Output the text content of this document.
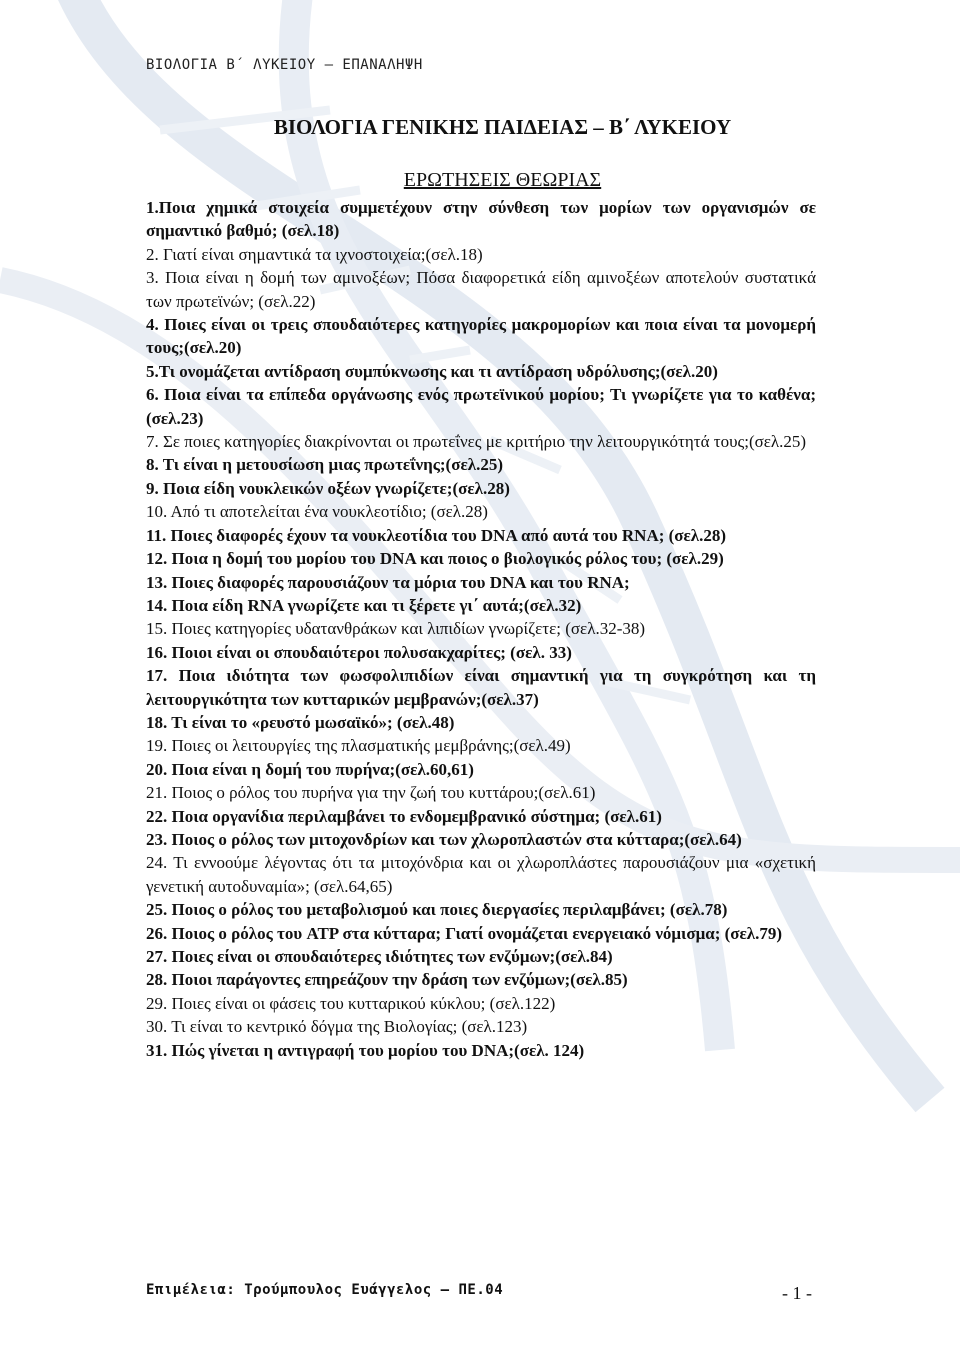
ΒΙΟΛΟΓΙΑ Β΄ ΛΥΚΕΙΟΥ – ΕΠΑΝΑΛΗΨΗ
ΒΙΟΛΟΓΙΑ ΓΕΝΙΚΗΣ ΠΑΙΔΕΙΑΣ – Β΄ ΛΥΚΕΙΟΥ
ΕΡΩΤΗΣΕΙΣ ΘΕΩΡΙΑΣ

1.Ποια χημικά στοιχεία συμμετέχουν στην σύνθεση των μορίων των οργανισμών σε σημαντικό βαθμό; (σελ.18)

2. Γιατί είναι σημαντικά τα ιχνοστοιχεία;(σελ.18)

3. Ποια είναι η δομή των αμινοξέων; Πόσα διαφορετικά είδη αμινοξέων αποτελούν συστατικά των πρωτεϊνών; (σελ.22)

4. Ποιες είναι οι τρεις σπουδαιότερες κατηγορίες μακρομορίων και ποια είναι τα μονομερή τους;(σελ.20)

5.Τι ονομάζεται αντίδραση συμπύκνωσης και τι αντίδραση υδρόλυσης;(σελ.20)

6. Ποια είναι τα επίπεδα οργάνωσης ενός πρωτεϊνικού μορίου; Τι γνωρίζετε για το καθένα; (σελ.23)

7. Σε ποιες κατηγορίες διακρίνονται οι πρωτεΐνες με κριτήριο την λειτουργικότητά τους;(σελ.25)

8. Τι είναι η μετουσίωση μιας πρωτεΐνης;(σελ.25)

9. Ποια είδη νουκλεικών οξέων γνωρίζετε;(σελ.28)

10. Από τι αποτελείται ένα νουκλεοτίδιο; (σελ.28)

11. Ποιες διαφορές έχουν τα νουκλεοτίδια του DNA από αυτά του RNA; (σελ.28)

12. Ποια η δομή του μορίου του DNA και ποιος ο βιολογικός ρόλος του; (σελ.29)

13. Ποιες διαφορές παρουσιάζουν τα μόρια του DNA και του RNA;

14. Ποια είδη RNA γνωρίζετε και τι ξέρετε γι΄ αυτά;(σελ.32)

15. Ποιες κατηγορίες υδατανθράκων και λιπιδίων γνωρίζετε; (σελ.32-38)

16. Ποιοι είναι οι σπουδαιότεροι πολυσακχαρίτες; (σελ. 33)

17. Ποια ιδιότητα των φωσφολιπιδίων είναι σημαντική για τη συγκρότηση και τη λειτουργικότητα των κυτταρικών μεμβρανών;(σελ.37)

18. Τι είναι το «ρευστό μωσαϊκό»; (σελ.48)

19. Ποιες οι λειτουργίες της πλασματικής μεμβράνης;(σελ.49)

20. Ποια είναι η δομή του πυρήνα;(σελ.60,61)

21. Ποιος ο ρόλος του πυρήνα για την ζωή του κυττάρου;(σελ.61)

22. Ποια οργανίδια περιλαμβάνει το ενδομεμβρανικό σύστημα; (σελ.61)

23. Ποιος ο ρόλος των μιτοχονδρίων και των χλωροπλαστών στα κύτταρα;(σελ.64)

24. Τι εννοούμε λέγοντας ότι τα μιτοχόνδρια και οι χλωροπλάστες παρουσιάζουν μια «σχετική γενετική αυτοδυναμία»; (σελ.64,65)

25. Ποιος ο ρόλος του μεταβολισμού και ποιες διεργασίες περιλαμβάνει; (σελ.78)

26. Ποιος ο ρόλος του ATP στα κύτταρα; Γιατί ονομάζεται ενεργειακό νόμισμα; (σελ.79)

27. Ποιες είναι οι σπουδαιότερες ιδιότητες των ενζύμων;(σελ.84)

28. Ποιοι παράγοντες επηρεάζουν την δράση των ενζύμων;(σελ.85)

29. Ποιες είναι οι φάσεις του κυτταρικού κύκλου; (σελ.122)

30. Τι είναι το κεντρικό δόγμα της Βιολογίας; (σελ.123)

31. Πώς γίνεται η αντιγραφή του μορίου του DNA;(σελ. 124)

Επιμέλεια: Τρούμπουλος Ευάγγελος – ΠΕ.04	- 1 -
